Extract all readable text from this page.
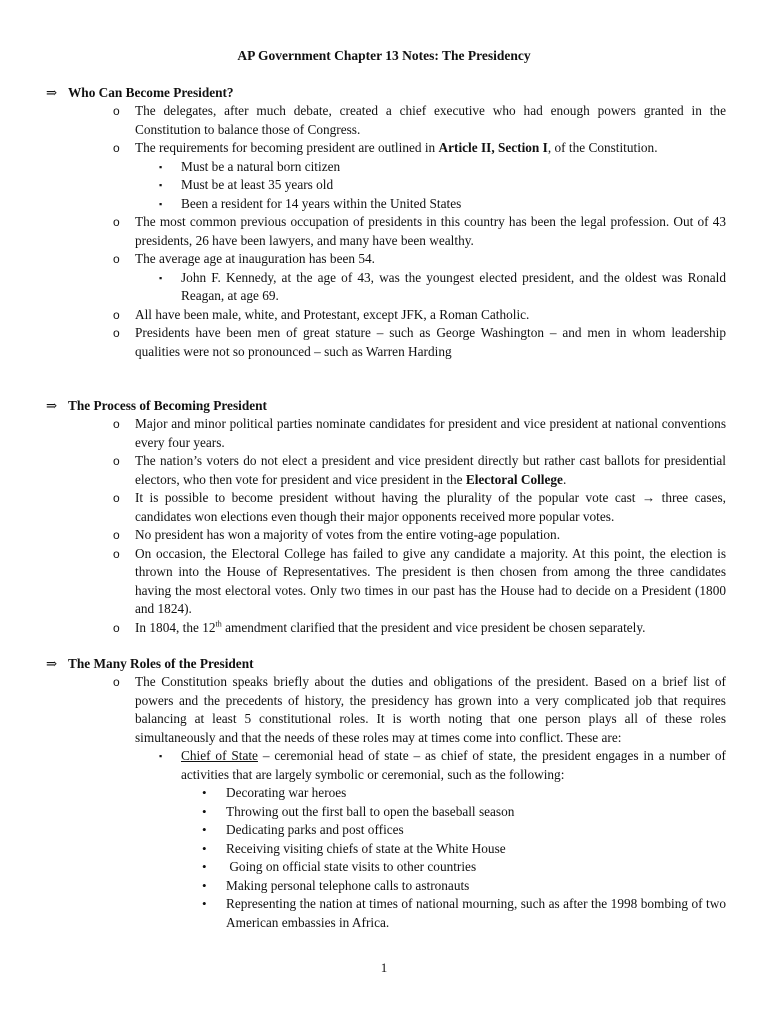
AP Government Chapter 13 Notes: The Presidency
⇒ Who Can Become President?
o The delegates, after much debate, created a chief executive who had enough powers granted in the Constitution to balance those of Congress.
o The requirements for becoming president are outlined in Article II, Section I, of the Constitution.
▪ Must be a natural born citizen
▪ Must be at least 35 years old
▪ Been a resident for 14 years within the United States
o The most common previous occupation of presidents in this country has been the legal profession. Out of 43 presidents, 26 have been lawyers, and many have been wealthy.
o The average age at inauguration has been 54.
▪ John F. Kennedy, at the age of 43, was the youngest elected president, and the oldest was Ronald Reagan, at age 69.
o All have been male, white, and Protestant, except JFK, a Roman Catholic.
o Presidents have been men of great stature – such as George Washington – and men in whom leadership qualities were not so pronounced – such as Warren Harding
⇒ The Process of Becoming President
o Major and minor political parties nominate candidates for president and vice president at national conventions every four years.
o The nation’s voters do not elect a president and vice president directly but rather cast ballots for presidential electors, who then vote for president and vice president in the Electoral College.
o It is possible to become president without having the plurality of the popular vote cast → three cases, candidates won elections even though their major opponents received more popular votes.
o No president has won a majority of votes from the entire voting-age population.
o On occasion, the Electoral College has failed to give any candidate a majority. At this point, the election is thrown into the House of Representatives. The president is then chosen from among the three candidates having the most electoral votes. Only two times in our past has the House had to decide on a President (1800 and 1824).
o In 1804, the 12th amendment clarified that the president and vice president be chosen separately.
⇒ The Many Roles of the President
o The Constitution speaks briefly about the duties and obligations of the president. Based on a brief list of powers and the precedents of history, the presidency has grown into a very complicated job that requires balancing at least 5 constitutional roles. It is worth noting that one person plays all of these roles simultaneously and that the needs of these roles may at times come into conflict. These are:
▪ Chief of State – ceremonial head of state – as chief of state, the president engages in a number of activities that are largely symbolic or ceremonial, such as the following:
• Decorating war heroes
• Throwing out the first ball to open the baseball season
• Dedicating parks and post offices
• Receiving visiting chiefs of state at the White House
• Going on official state visits to other countries
• Making personal telephone calls to astronauts
• Representing the nation at times of national mourning, such as after the 1998 bombing of two American embassies in Africa.
1
